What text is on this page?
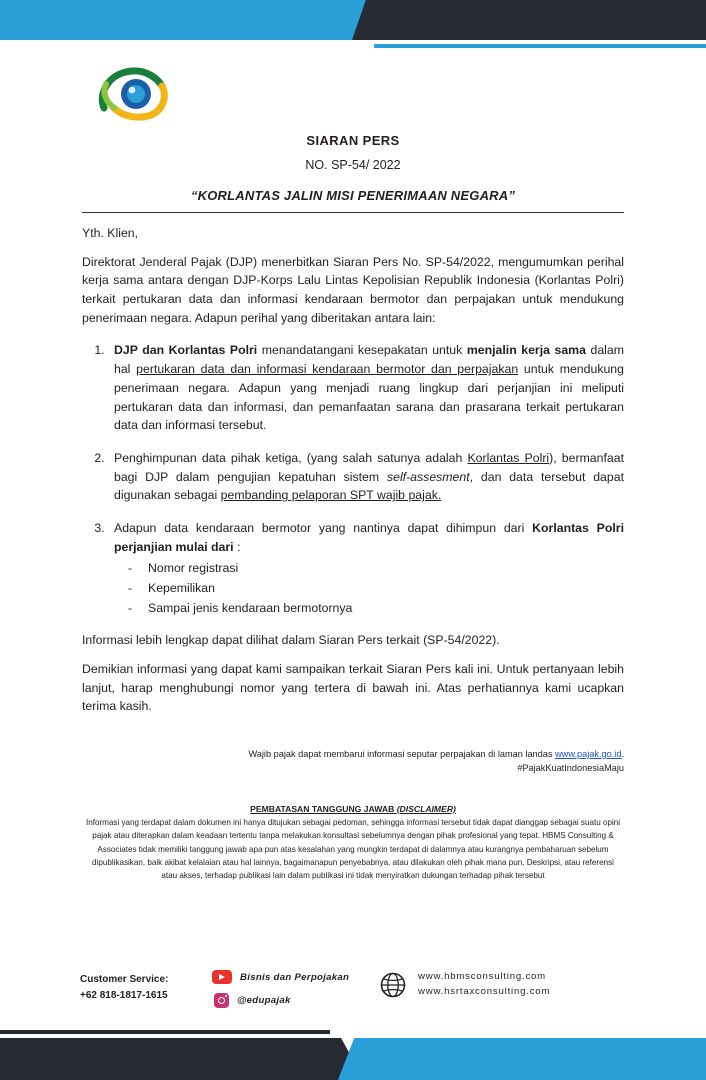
SIARAN PERS
NO. SP-54/ 2022
“KORLANTAS JALIN MISI PENERIMAAN NEGARA”
Yth. Klien,
Direktorat Jenderal Pajak (DJP) menerbitkan Siaran Pers No. SP-54/2022, mengumumkan perihal kerja sama antara dengan DJP-Korps Lalu Lintas Kepolisian Republik Indonesia (Korlantas Polri) terkait pertukaran data dan informasi kendaraan bermotor dan perpajakan untuk mendukung penerimaan negara. Adapun perihal yang diberitakan antara lain:
1. DJP dan Korlantas Polri menandatangani kesepakatan untuk menjalin kerja sama dalam hal pertukaran data dan informasi kendaraan bermotor dan perpajakan untuk mendukung penerimaan negara. Adapun yang menjadi ruang lingkup dari perjanjian ini meliputi pertukaran data dan informasi, dan pemanfaatan sarana dan prasarana terkait pertukaran data dan informasi tersebut.
2. Penghimpunan data pihak ketiga, (yang salah satunya adalah Korlantas Polri), bermanfaat bagi DJP dalam pengujian kepatuhan sistem self-assesment, dan data tersebut dapat digunakan sebagai pembanding pelaporan SPT wajib pajak.
3. Adapun data kendaraan bermotor yang nantinya dapat dihimpun dari Korlantas Polri perjanjian mulai dari :
- Nomor registrasi
- Kepemilikan
- Sampai jenis kendaraan bermotornya
Informasi lebih lengkap dapat dilihat dalam Siaran Pers terkait (SP-54/2022).
Demikian informasi yang dapat kami sampaikan terkait Siaran Pers kali ini. Untuk pertanyaan lebih lanjut, harap menghubungi nomor yang tertera di bawah ini. Atas perhatiannya kami ucapkan terima kasih.
Wajib pajak dapat membarui informasi seputar perpajakan di laman landas www.pajak.go.id.
#PajakKuatIndonesiaMaju
PEMBATASAN TANGGUNG JAWAB (DISCLAIMER)
Informasi yang terdapat dalam dokumen ini hanya ditujukan sebagai pedoman, sehingga informasi tersebut tidak dapat dianggap sebagai suatu opini pajak atau diterapkan dalam keadaan tertentu tanpa melakukan konsultasi sebelumnya dengan pihak profesional yang tepat. HBMS Consulting & Associates tidak memiliki tanggung jawab apa pun atas kesalahan yang mungkin terdapat di dalamnya atau kurangnya pembaharuan sebelum dipublikasikan, baik akibat kelalaian atau hal lainnya, bagaimanapun penyebabnya, atau dilakukan oleh pihak mana pun. Deskripsi, atau referensi atau akses, terhadap publikasi lain dalam publikasi ini tidak menyiratkan dukungan terhadap pihak tersebut
Customer Service:
+62 818-1817-1615
Bisnis dan Perpojakan
@edupajak
www.hbmsconsulting.com
www.hsrtaxconsulting.com
